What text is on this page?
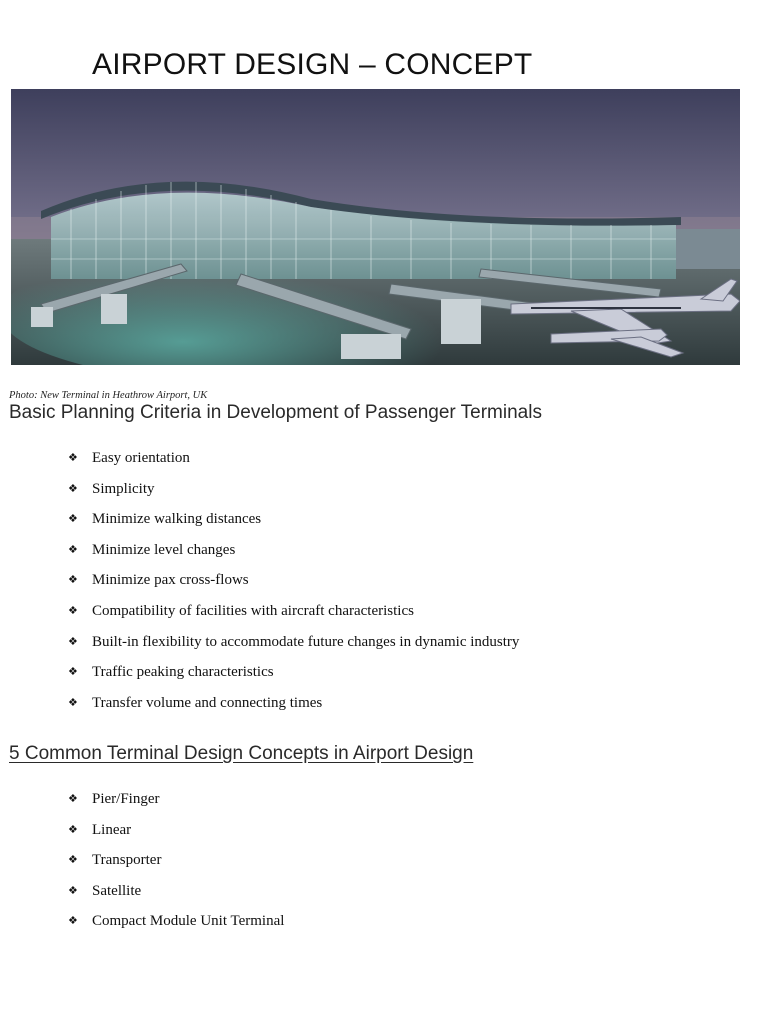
AIRPORT DESIGN – CONCEPT
Photo: New Terminal in Heathrow Airport, UK
Basic Planning Criteria in Development of Passenger Terminals
❖ Easy orientation
❖ Simplicity
❖ Minimize walking distances
❖ Minimize level changes
❖ Minimize pax cross-flows
❖ Compatibility of facilities with aircraft characteristics
❖ Built-in flexibility to accommodate future changes in dynamic industry
❖ Traffic peaking characteristics
❖ Transfer volume and connecting times
5 Common Terminal Design Concepts in Airport Design
❖ Pier/Finger
❖ Linear
❖ Transporter
❖ Satellite
❖ Compact Module Unit Terminal
